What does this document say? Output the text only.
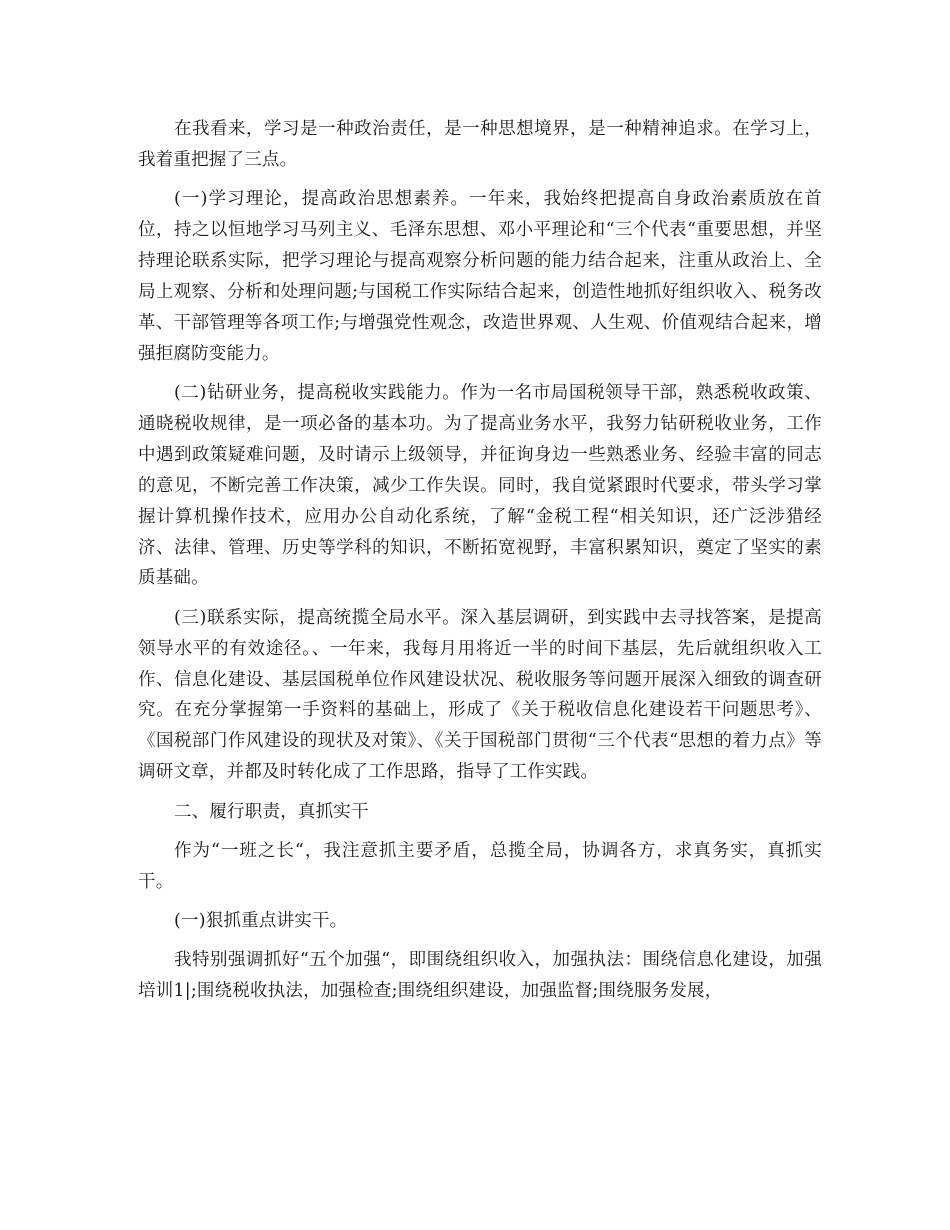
在我看来，学习是一种政治责任，是一种思想境界，是一种精神追求。在学习上，我着重把握了三点。

(一)学习理论，提高政治思想素养。一年来，我始终把提高自身政治素质放在首位，持之以恒地学习马列主义、毛泽东思想、邓小平理论和“三个代表“重要思想，并坚持理论联系实际，把学习理论与提高观察分析问题的能力结合起来，注重从政治上、全局上观察、分析和处理问题;与国税工作实际结合起来，创造性地抓好组织收入、税务改革、干部管理等各项工作;与增强党性观念，改造世界观、人生观、价值观结合起来，增强拒腐防变能力。

(二)钻研业务，提高税收实践能力。作为一名市局国税领导干部，熟悉税收政策、通晓税收规律，是一项必备的基本功。为了提高业务水平，我努力钻研税收业务，工作中遇到政策疑难问题，及时请示上级领导，并征询身边一些熟悉业务、经验丰富的同志的意见，不断完善工作决策，减少工作失误。同时，我自觉紧跟时代要求，带头学习掌握计算机操作技术，应用办公自动化系统，了解“金税工程“相关知识，还广泛涉猎经济、法律、管理、历史等学科的知识，不断拓宽视野，丰富积累知识，奠定了坚实的素质基础。

(三)联系实际，提高统揽全局水平。深入基层调研，到实践中去寻找答案，是提高领导水平的有效途径。、一年来，我每月用将近一半的时间下基层，先后就组织收入工作、信息化建设、基层国税单位作风建设状况、税收服务等问题开展深入细致的调查研究。在充分掌握第一手资料的基础上，形成了《关于税收信息化建设若干问题思考》、《国税部门作风建设的现状及对策》、《关于国税部门贯彻“三个代表“思想的着力点》等调研文章，并都及时转化成了工作思路，指导了工作实践。

二、履行职责，真抓实干

作为“一班之长“，我注意抓主要矛盾，总揽全局，协调各方，求真务实，真抓实干。

(一)狠抓重点讲实干。

我特别强调抓好“五个加强“，即围绕组织收入，加强执法：围绕信息化建设，加强培训1|;围绕税收执法，加强检查;围绕组织建设，加强监督;围绕服务发展，
